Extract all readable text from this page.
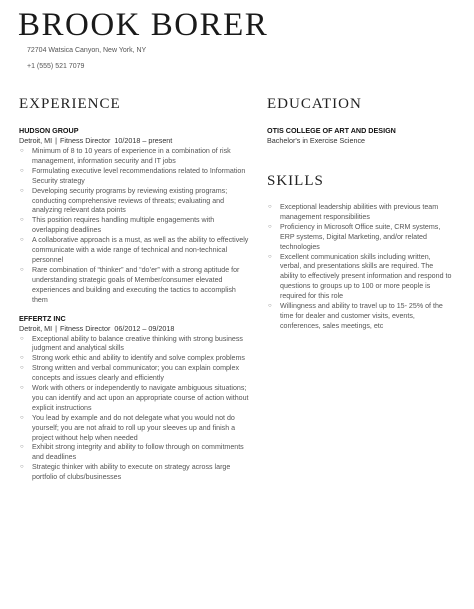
BROOK BORER
72704 Watsica Canyon, New York, NY
+1 (555) 521 7079
EXPERIENCE	EDUCATION
HUDSON GROUP
Detroit, MI | Fitness Director 10/2018 – present
○ Minimum of 8 to 10 years of experience in a combination of risk management, information security and IT jobs
○ Formulating executive level recommendations related to Information Security strategy
○ Developing security programs by reviewing existing programs; conducting comprehensive reviews of threats; evaluating and analyzing relevant data points
○ This position requires handling multiple engagements with overlapping deadlines
○ A collaborative approach is a must, as well as the ability to effectively communicate with a wide range of technical and non-technical personnel
○ Rare combination of “thinker” and “do’er” with a strong aptitude for understanding strategic goals of Member/consumer elevated experiences and building and executing the tactics to accomplish them
EFFERTZ INC
Detroit, MI | Fitness Director 06/2012 – 09/2018
○ Exceptional ability to balance creative thinking with strong business judgment and analytical skills
○ Strong work ethic and ability to identify and solve complex problems
○ Strong written and verbal communicator; you can explain complex concepts and issues clearly and efficiently
○ Work with others or independently to navigate ambiguous situations; you can identify and act upon an appropriate course of action without explicit instructions
○ You lead by example and do not delegate what you would not do yourself; you are not afraid to roll up your sleeves up and finish a project without help when needed
○ Exhibit strong integrity and ability to follow through on commitments and deadlines
○ Strategic thinker with ability to execute on strategy across large portfolio of clubs/businesses
OTIS COLLEGE OF ART AND DESIGN
Bachelor's in Exercise Science
SKILLS
○ Exceptional leadership abilities with previous team management responsibilities
○ Proficiency in Microsoft Office suite, CRM systems, ERP systems, Digital Marketing, and/or related technologies
○ Excellent communication skills including written, verbal, and presentations skills are required. The ability to effectively present information and respond to questions to groups up to 100 or more people is required for this role
○ Willingness and ability to travel up to 15- 25% of the time for dealer and customer visits, events, conferences, sales meetings, etc
